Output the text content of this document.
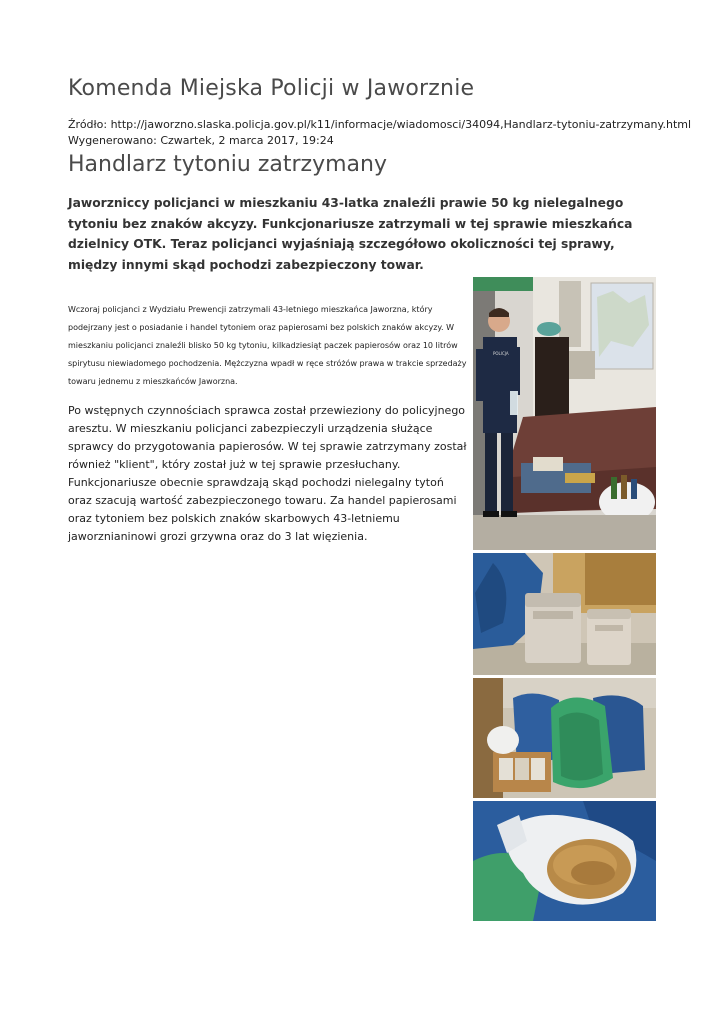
Komenda Miejska Policji w Jaworznie
Źródło: http://jaworzno.slaska.policja.gov.pl/k11/informacje/wiadomosci/34094,Handlarz-tytoniu-zatrzymany.html
Wygenerowano: Czwartek, 2 marca 2017, 19:24
Handlarz tytoniu zatrzymany

Jaworzniccy policjanci w mieszkaniu 43-latka znaleźli prawie 50 kg nielegalnego tytoniu bez znaków akcyzy. Funkcjonariusze zatrzymali w tej sprawie mieszkańca dzielnicy OTK. Teraz policjanci wyjaśniają szczegółowo okoliczności tej sprawy, między innymi skąd pochodzi zabezpieczony towar.

Wczoraj policjanci z Wydziału Prewencji zatrzymali 43-letniego mieszkańca Jaworzna, który podejrzany jest o posiadanie i handel tytoniem oraz papierosami bez polskich znaków akcyzy. W mieszkaniu policjanci znaleźli blisko 50 kg tytoniu, kilkadziesiąt paczek papierosów oraz 10 litrów spirytusu niewiadomego pochodzenia. Mężczyzna wpadł w ręce stróżów prawa w trakcie sprzedaży towaru jednemu z mieszkańców Jaworzna.

Po wstępnych czynnościach sprawca został przewieziony do policyjnego aresztu. W mieszkaniu policjanci zabezpieczyli urządzenia służące sprawcy do przygotowania papierosów. W tej sprawie zatrzymany został również "klient", który został już w tej sprawie przesłuchany. Funkcjonariusze obecnie sprawdzają skąd pochodzi nielegalny tytoń oraz szacują wartość zabezpieczonego towaru. Za handel papierosami oraz tytoniem bez polskich znaków skarbowych 43-letniemu jaworznianinowi grozi grzywna oraz do 3 lat więzienia.

POLICJA
